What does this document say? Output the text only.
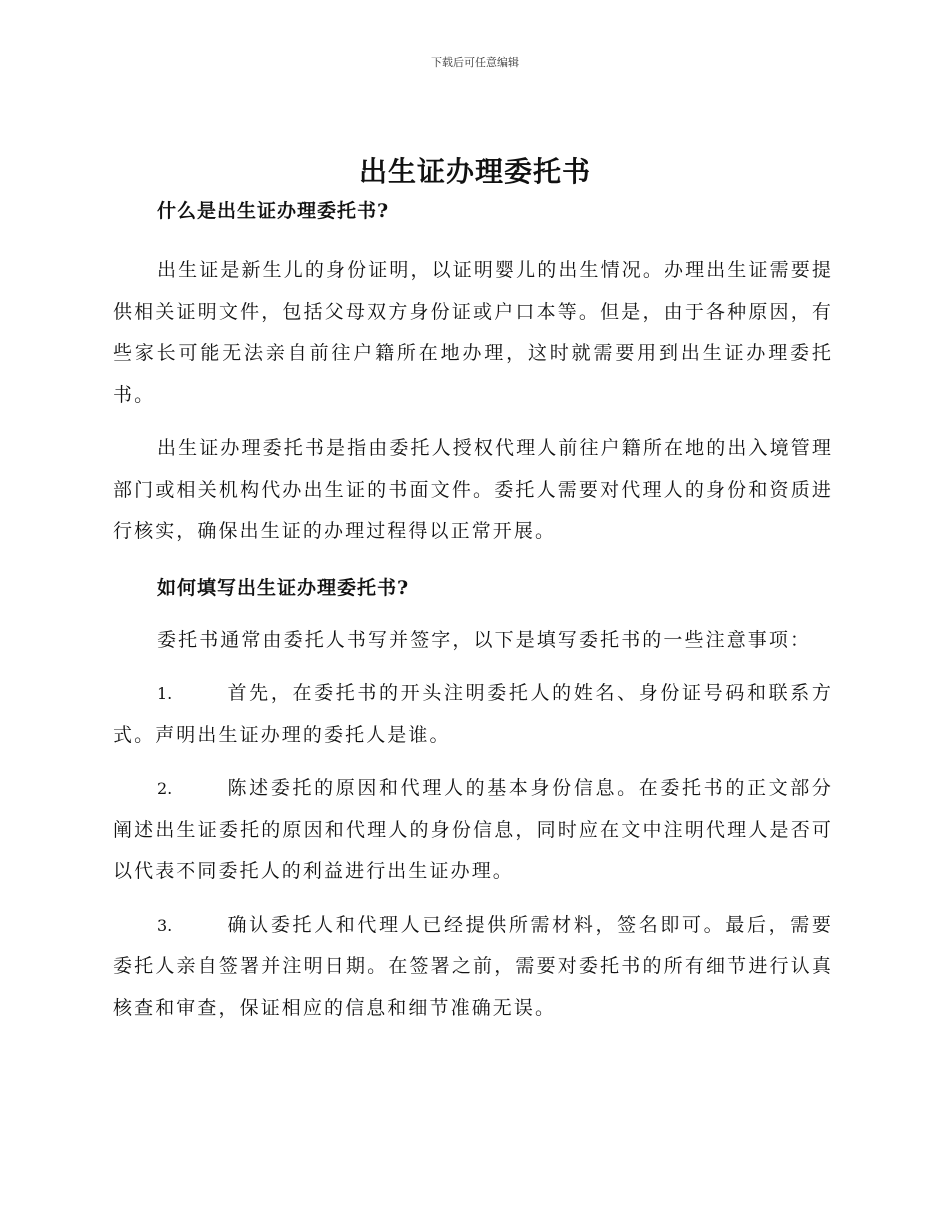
下载后可任意编辑
出生证办理委托书

什么是出生证办理委托书?

出生证是新生儿的身份证明，以证明婴儿的出生情况。办理出生证需要提供相关证明文件，包括父母双方身份证或户口本等。但是，由于各种原因，有些家长可能无法亲自前往户籍所在地办理，这时就需要用到出生证办理委托书。

出生证办理委托书是指由委托人授权代理人前往户籍所在地的出入境管理部门或相关机构代办出生证的书面文件。委托人需要对代理人的身份和资质进行核实，确保出生证的办理过程得以正常开展。

如何填写出生证办理委托书?

委托书通常由委托人书写并签字，以下是填写委托书的一些注意事项：

1.	首先，在委托书的开头注明委托人的姓名、身份证号码和联系方式。声明出生证办理的委托人是谁。

2.	陈述委托的原因和代理人的基本身份信息。在委托书的正文部分阐述出生证委托的原因和代理人的身份信息，同时应在文中注明代理人是否可以代表不同委托人的利益进行出生证办理。

3.	确认委托人和代理人已经提供所需材料，签名即可。最后，需要委托人亲自签署并注明日期。在签署之前，需要对委托书的所有细节进行认真核查和审查，保证相应的信息和细节准确无误。
